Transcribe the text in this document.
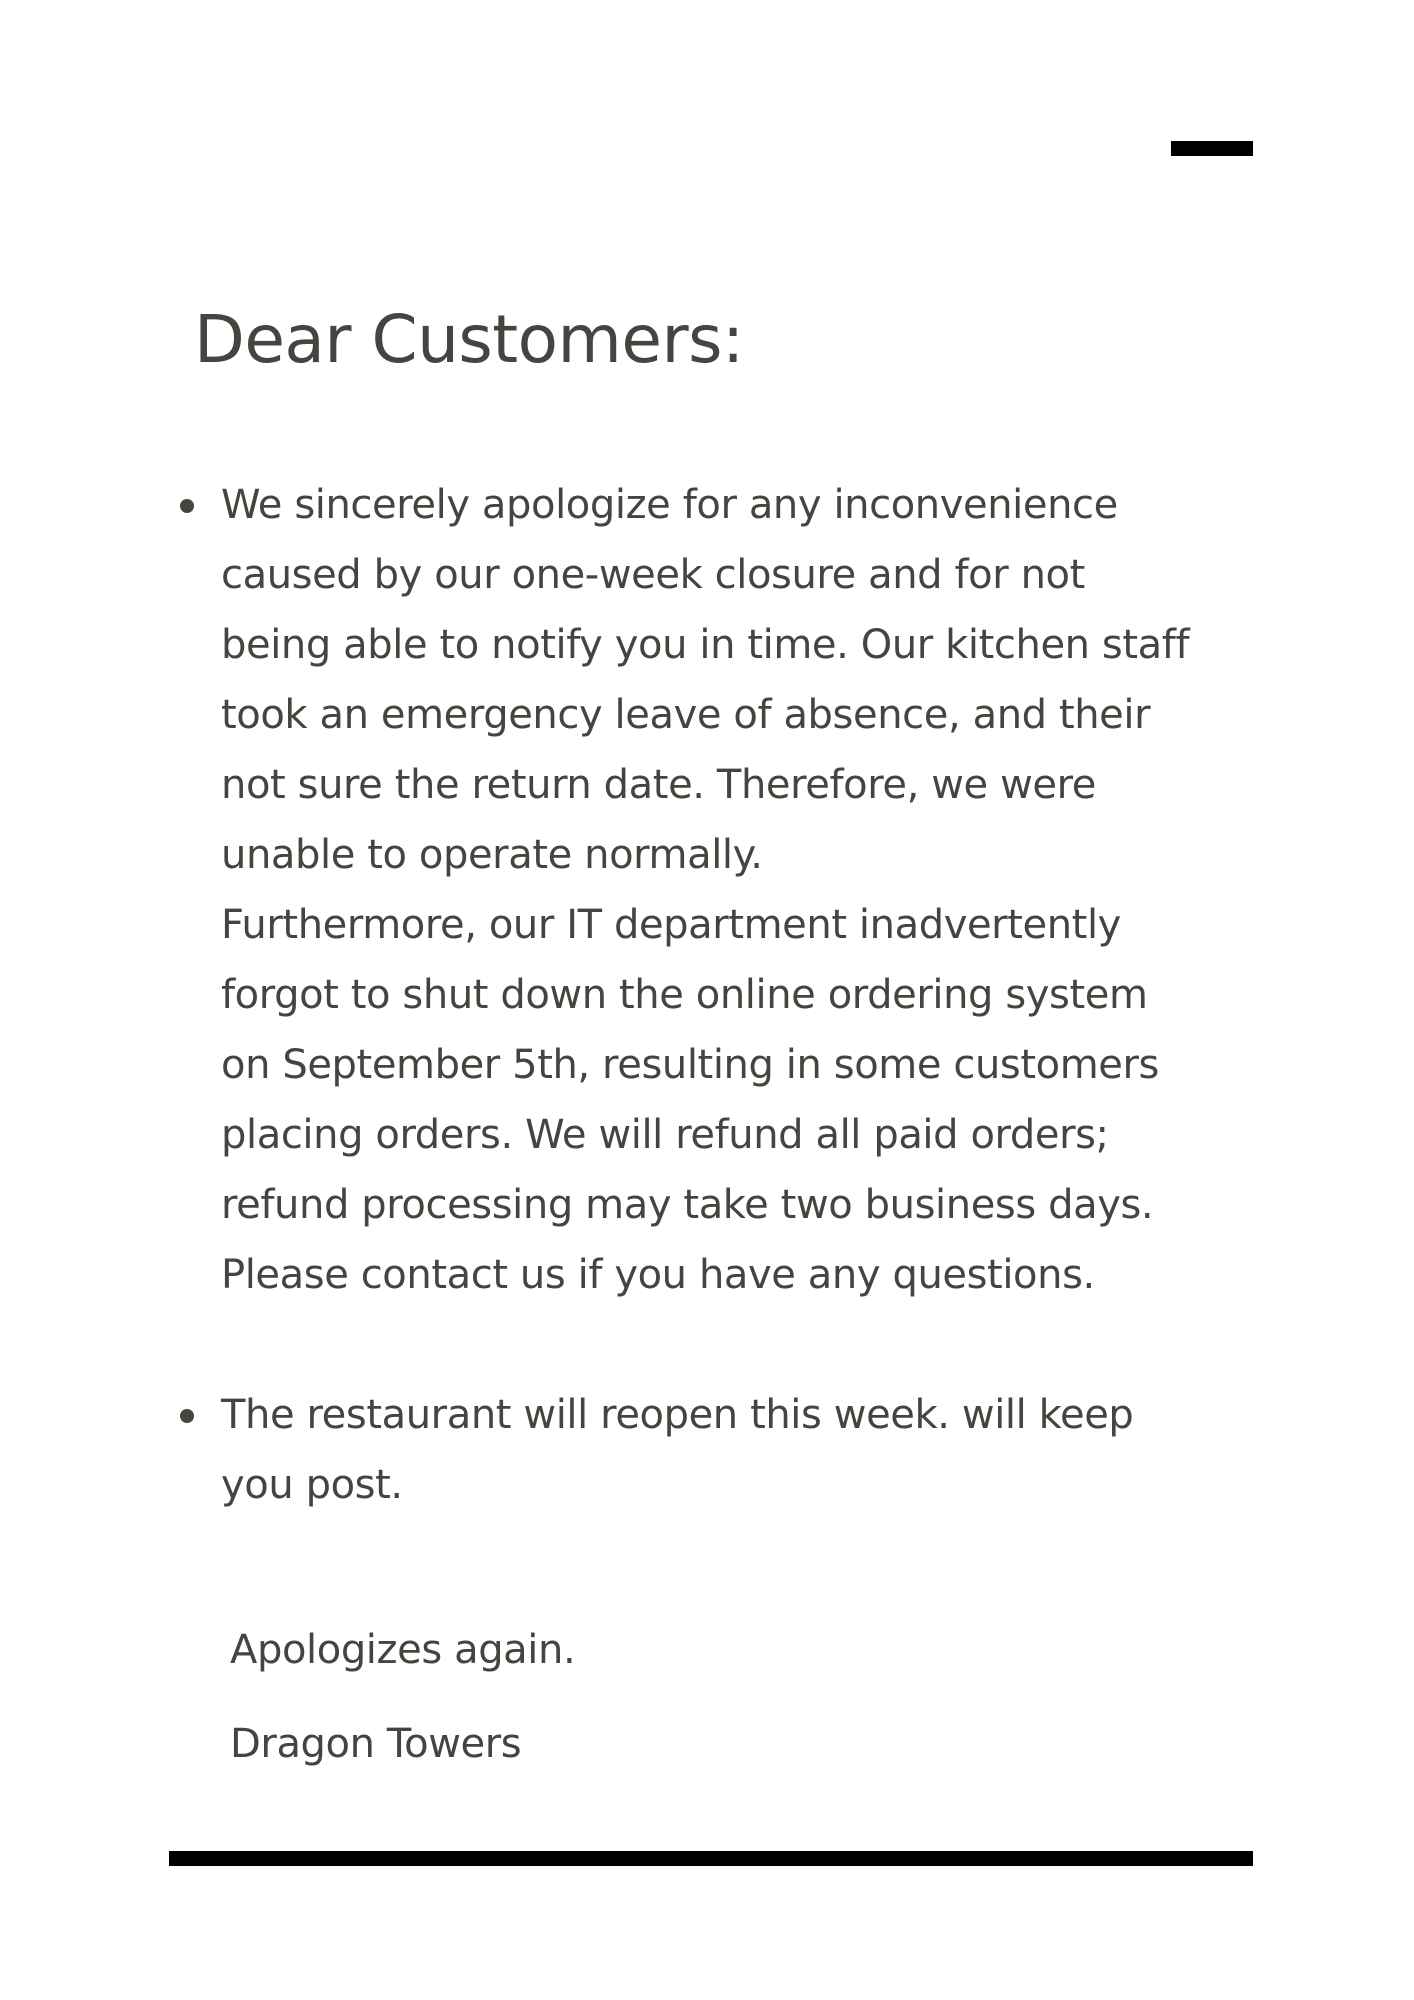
Dear Customers:

We sincerely apologize for any inconvenience
caused by our one-week closure and for not
being able to notify you in time. Our kitchen staff
took an emergency leave of absence, and their
not sure the return date. Therefore, we were
unable to operate normally.
Furthermore, our IT department inadvertently
forgot to shut down the online ordering system
on September 5th, resulting in some customers
placing orders. We will refund all paid orders;
refund processing may take two business days.
Please contact us if you have any questions.

The restaurant will reopen this week. will keep
you post.

Apologizes again.

Dragon Towers
